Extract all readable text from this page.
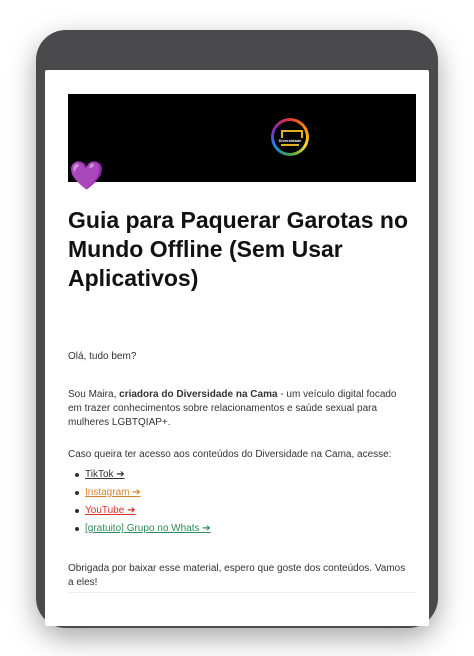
Diversidade
💜
Guia para Paquerar Garotas no Mundo Offline (Sem Usar Aplicativos)

Olá, tudo bem?

Sou Maira, criadora do Diversidade na Cama - um veículo digital focado em trazer conhecimentos sobre relacionamentos e saúde sexual para mulheres LGBTQIAP+.

Caso queira ter acesso aos conteúdos do Diversidade na Cama, acesse:

TikTok ➔
Instagram ➔
YouTube ➔
[gratuito] Grupo no Whats ➔

Obrigada por baixar esse material, espero que goste dos conteúdos. Vamos a eles!
